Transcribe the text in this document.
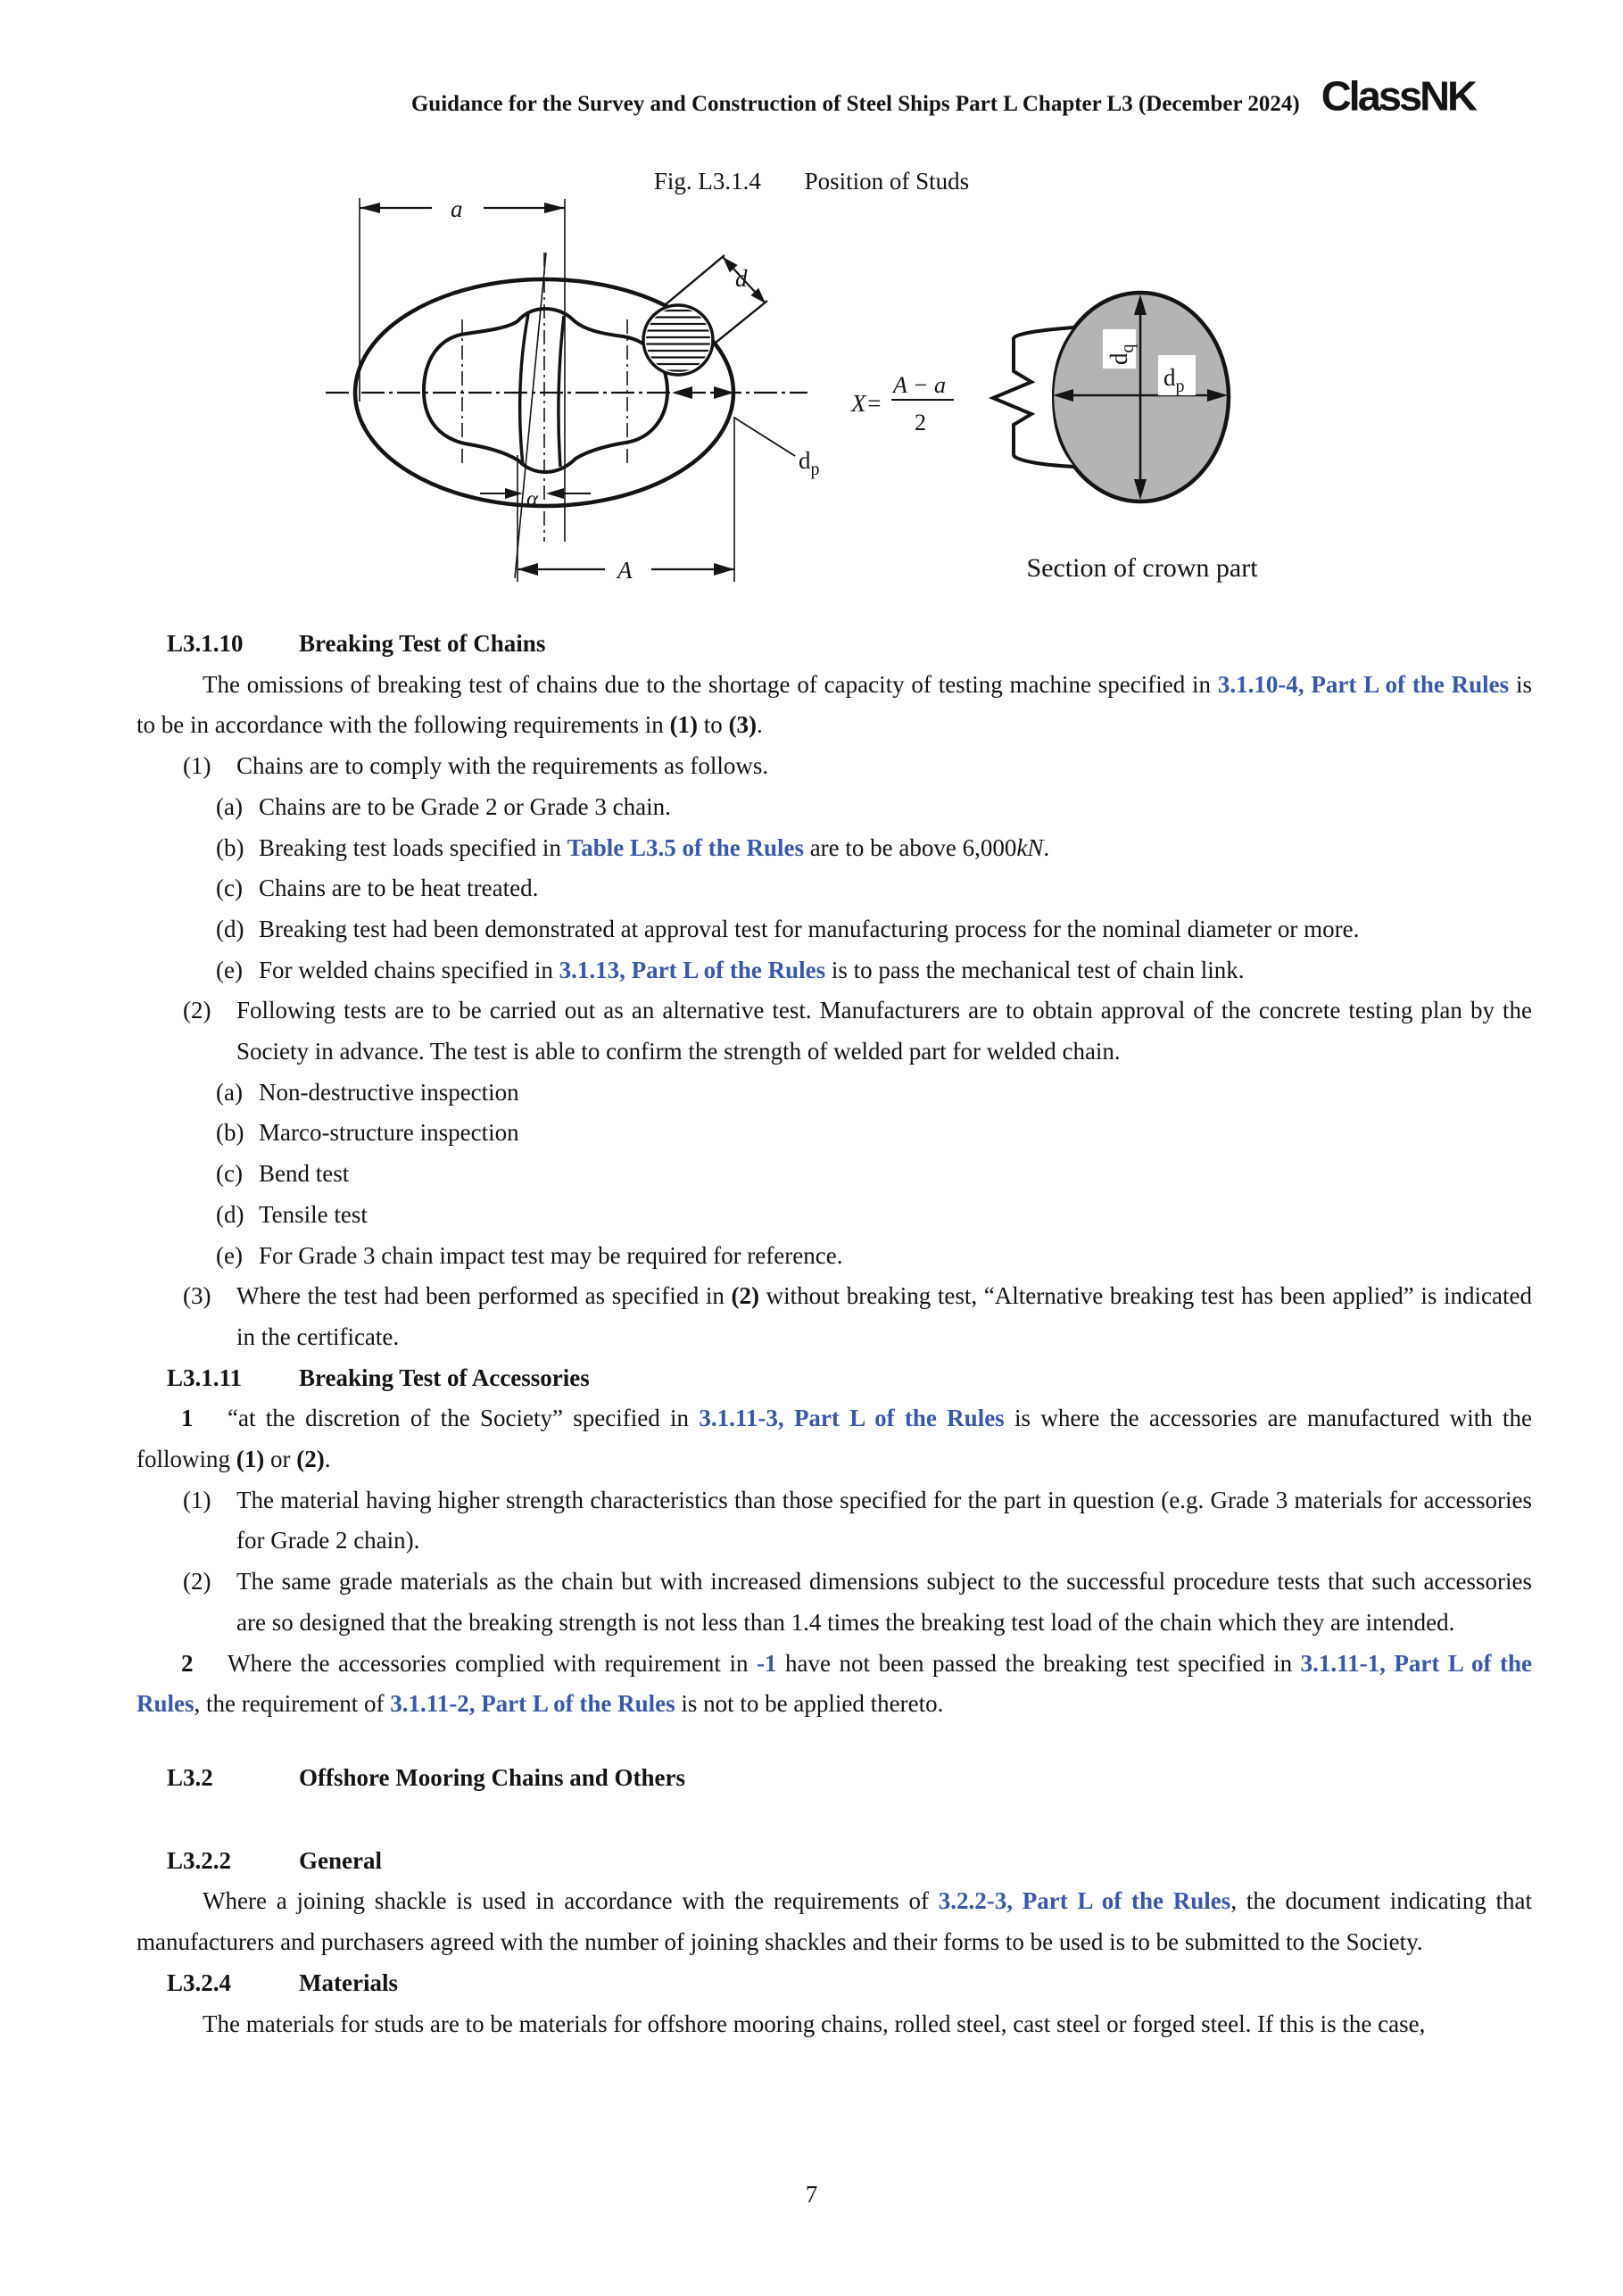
Guidance for the Survey and Construction of Steel Ships Part L Chapter L3 (December 2024) ClassNK
Fig. L3.1.4 Position of Studs
a
d
A
α
$d_p$
X=
A − a
2
$d_q$
$d_p$
Section of crown part
L3.1.10 Breaking Test of Chains
The omissions of breaking test of chains due to the shortage of capacity of testing machine specified in 3.1.10-4, Part L of the Rules is to be in accordance with the following requirements in (1) to (3).
(1) Chains are to comply with the requirements as follows.
(a) Chains are to be Grade 2 or Grade 3 chain.
(b) Breaking test loads specified in Table L3.5 of the Rules are to be above 6,000kN.
(c) Chains are to be heat treated.
(d) Breaking test had been demonstrated at approval test for manufacturing process for the nominal diameter or more.
(e) For welded chains specified in 3.1.13, Part L of the Rules is to pass the mechanical test of chain link.
(2) Following tests are to be carried out as an alternative test. Manufacturers are to obtain approval of the concrete testing plan by the Society in advance. The test is able to confirm the strength of welded part for welded chain.
(a) Non-destructive inspection
(b) Marco-structure inspection
(c) Bend test
(d) Tensile test
(e) For Grade 3 chain impact test may be required for reference.
(3) Where the test had been performed as specified in (2) without breaking test, “Alternative breaking test has been applied” is indicated in the certificate.
L3.1.11 Breaking Test of Accessories
1 “at the discretion of the Society” specified in 3.1.11-3, Part L of the Rules is where the accessories are manufactured with the following (1) or (2).
(1) The material having higher strength characteristics than those specified for the part in question (e.g. Grade 3 materials for accessories for Grade 2 chain).
(2) The same grade materials as the chain but with increased dimensions subject to the successful procedure tests that such accessories are so designed that the breaking strength is not less than 1.4 times the breaking test load of the chain which they are intended.
2 Where the accessories complied with requirement in -1 have not been passed the breaking test specified in 3.1.11-1, Part L of the Rules, the requirement of 3.1.11-2, Part L of the Rules is not to be applied thereto.
L3.2	Offshore Mooring Chains and Others
L3.2.2	General
Where a joining shackle is used in accordance with the requirements of 3.2.2-3, Part L of the Rules, the document indicating that manufacturers and purchasers agreed with the number of joining shackles and their forms to be used is to be submitted to the Society.
L3.2.4	Materials
The materials for studs are to be materials for offshore mooring chains, rolled steel, cast steel or forged steel. If this is the case,
7
